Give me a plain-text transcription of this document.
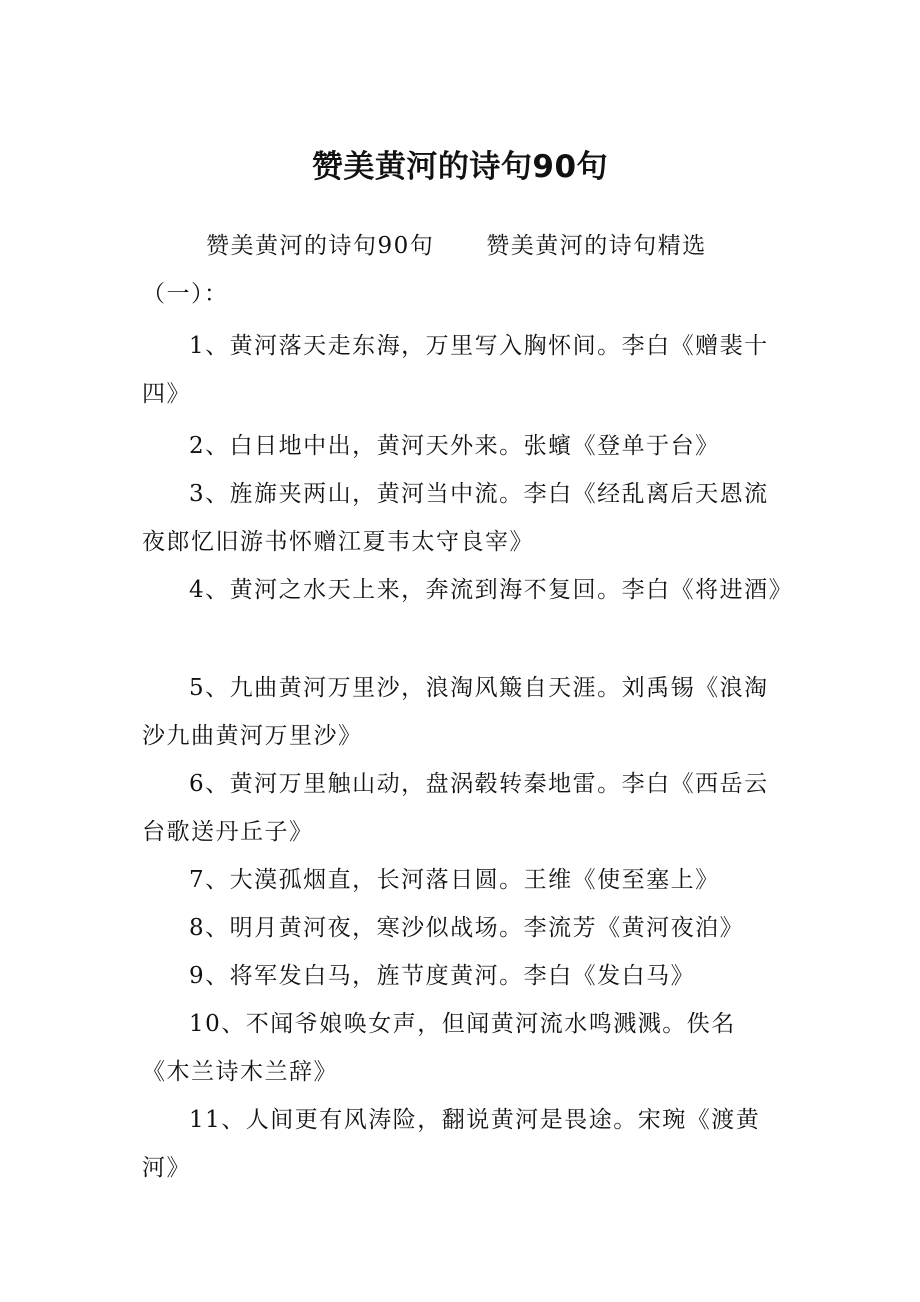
赞美黄河的诗句90句

赞美黄河的诗句90句 赞美黄河的诗句精选（一）：

1、黄河落天走东海，万里写入胸怀间。李白《赠裴十四》

2、白日地中出，黄河天外来。张蠙《登单于台》

3、旌旆夹两山，黄河当中流。李白《经乱离后天恩流夜郎忆旧游书怀赠江夏韦太守良宰》

4、黄河之水天上来，奔流到海不复回。李白《将进酒》

5、九曲黄河万里沙，浪淘风簸自天涯。刘禹锡《浪淘沙九曲黄河万里沙》

6、黄河万里触山动，盘涡毂转秦地雷。李白《西岳云台歌送丹丘子》

7、大漠孤烟直，长河落日圆。王维《使至塞上》

8、明月黄河夜，寒沙似战场。李流芳《黄河夜泊》

9、将军发白马，旌节度黄河。李白《发白马》

10、不闻爷娘唤女声，但闻黄河流水鸣溅溅。佚名《木兰诗木兰辞》

11、人间更有风涛险，翻说黄河是畏途。宋琬《渡黄河》
